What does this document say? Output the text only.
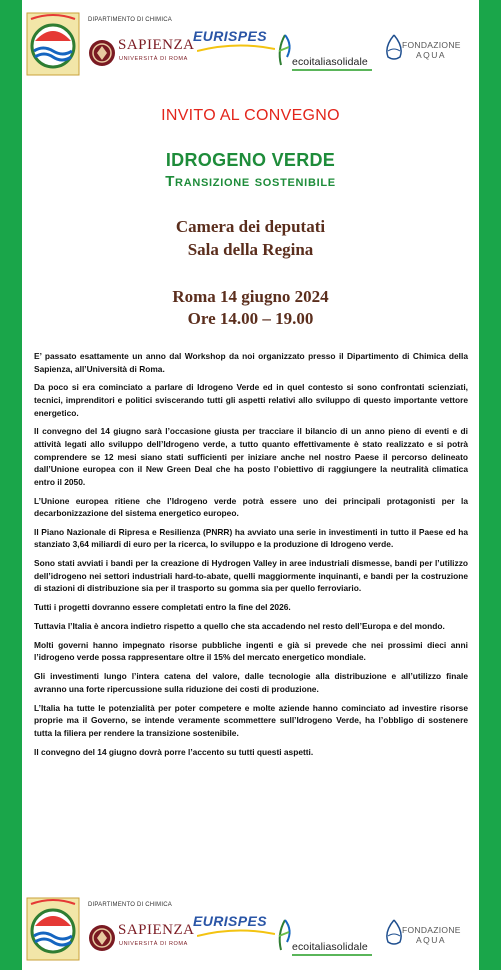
DIPARTIMENTO DI CHIMICA
SAPIENZA
UNIVERSITÀ DI ROMA
EURISPES
ecoitaliasolidale
FONDAZIONE
AQUA
INVITO AL CONVEGNO
IDROGENO VERDE
Transizione sostenibile
Camera dei deputati
Sala della Regina
Roma 14 giugno 2024
Ore 14.00 – 19.00

E’ passato esattamente un anno dal Workshop da noi organizzato presso il Dipartimento di Chimica della Sapienza, all’Università di Roma.

Da poco si era cominciato a parlare di Idrogeno Verde ed in quel contesto si sono confrontati scienziati, tecnici, imprenditori e politici sviscerando tutti gli aspetti relativi allo sviluppo di questo importante vettore energetico.

Il convegno del 14 giugno sarà l’occasione giusta per tracciare il bilancio di un anno pieno di eventi e di attività legati allo sviluppo dell’Idrogeno verde, a tutto quanto effettivamente è stato realizzato e si potrà comprendere se 12 mesi siano stati sufficienti per iniziare anche nel nostro Paese il percorso delineato dall’Unione europea con il New Green Deal che ha posto l’obiettivo di raggiungere la neutralità climatica entro il 2050.

L’Unione europea ritiene che l’Idrogeno verde potrà essere uno dei principali protagonisti per la decarbonizzazione del sistema energetico europeo.

Il Piano Nazionale di Ripresa e Resilienza (PNRR) ha avviato una serie in investimenti in tutto il Paese ed ha stanziato 3,64 miliardi di euro per la ricerca, lo sviluppo e la produzione di Idrogeno verde.

Sono stati avviati i bandi per la creazione di Hydrogen Valley in aree industriali dismesse, bandi per l’utilizzo dell’idrogeno nei settori industriali hard-to-abate, quelli maggiormente inquinanti, e bandi per la costruzione di stazioni di distribuzione sia per il trasporto su gomma sia per quello ferroviario.

Tutti i progetti dovranno essere completati entro la fine del 2026.

Tuttavia l’Italia è ancora indietro rispetto a quello che sta accadendo nel resto dell’Europa e del mondo.

Molti governi hanno impegnato risorse pubbliche ingenti e già si prevede che nei prossimi dieci anni l’idrogeno verde possa rappresentare oltre il 15% del mercato energetico mondiale.

Gli investimenti lungo l’intera catena del valore, dalle tecnologie alla distribuzione e all’utilizzo finale avranno una forte ripercussione sulla riduzione dei costi di produzione.

L’Italia ha tutte le potenzialità per poter competere e molte aziende hanno cominciato ad investire risorse proprie ma il Governo, se intende veramente scommettere sull’Idrogeno Verde, ha l’obbligo di sostenere tutta la filiera per rendere la transizione sostenibile.

Il convegno del 14 giugno dovrà porre l’accento su tutti questi aspetti.

DIPARTIMENTO DI CHIMICA
SAPIENZA
UNIVERSITÀ DI ROMA
EURISPES
ecoitaliasolidale
FONDAZIONE
AQUA
